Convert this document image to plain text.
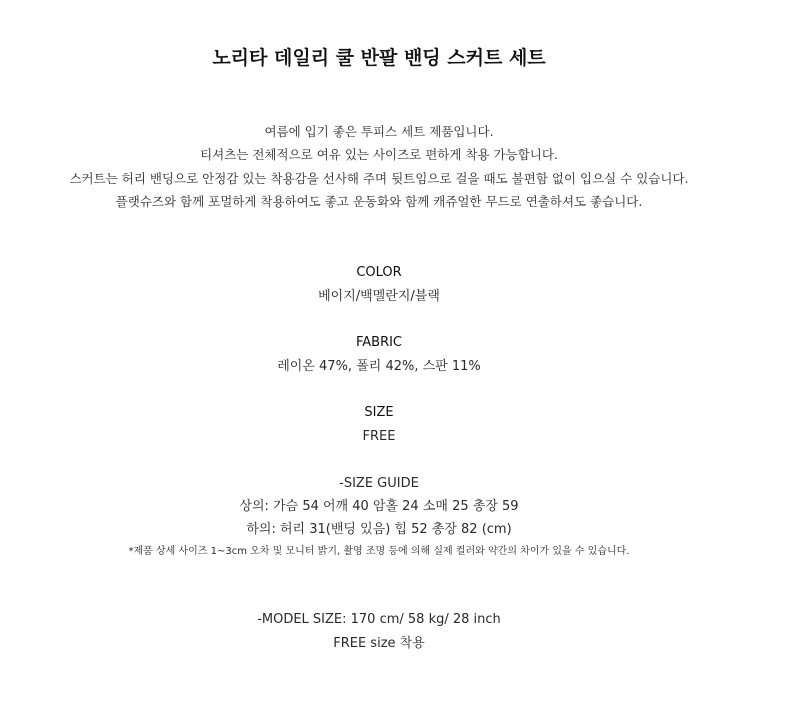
노리타 데일리 쿨 반팔 밴딩 스커트 세트
여름에 입기 좋은 투피스 세트 제품입니다.
티셔츠는 전체적으로 여유 있는 사이즈로 편하게 착용 가능합니다.
스커트는 허리 밴딩으로 안정감 있는 착용감을 선사해 주며 뒷트임으로 걸을 때도 불편함 없이 입으실 수 있습니다.
플랫슈즈와 함께 포멀하게 착용하여도 좋고 운동화와 함께 캐쥬얼한 무드로 연출하셔도 좋습니다.
COLOR
베이지/백멜란지/블랙
FABRIC
레이온 47%, 폴리 42%, 스판 11%
SIZE
FREE
-SIZE GUIDE
상의: 가슴 54 어깨 40 암홀 24 소매 25 총장 59
하의: 허리 31(밴딩 있음) 힙 52 총장 82 (cm)
*제품 상세 사이즈 1~3cm 오차 및 모니터 밝기, 촬영 조명 등에 의해 실제 컬러와 약간의 차이가 있을 수 있습니다.
-MODEL SIZE: 170 cm/ 58 kg/ 28 inch
FREE size 착용
